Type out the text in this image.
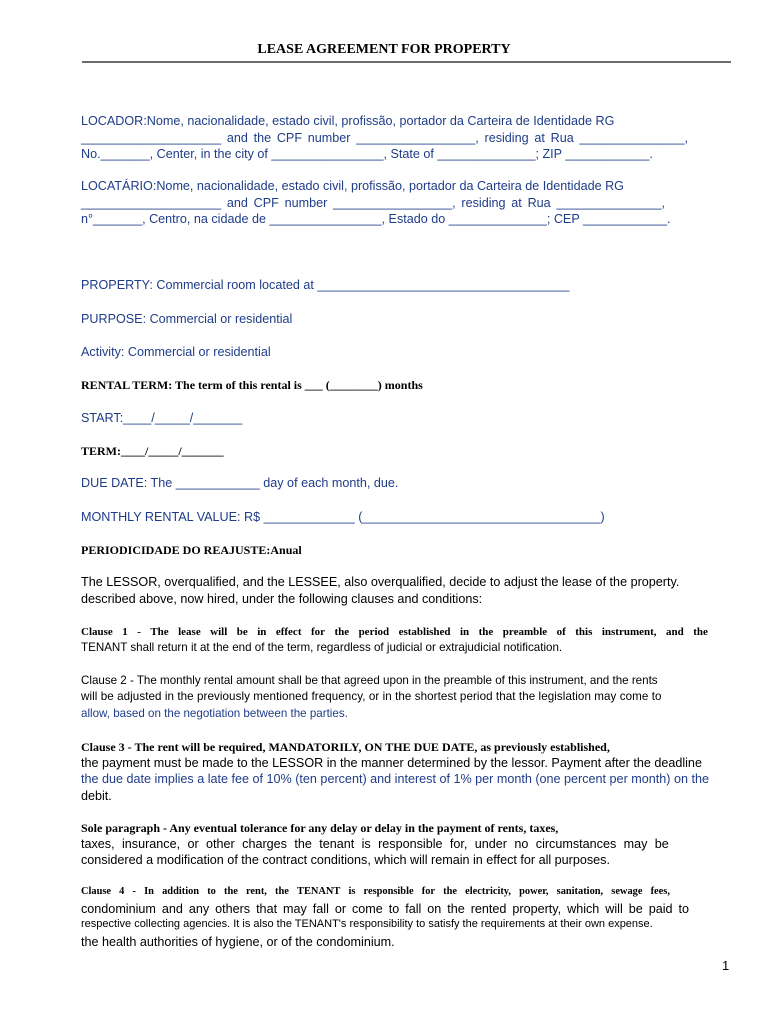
LEASE AGREEMENT FOR PROPERTY
LOCADOR:Nome, nacionalidade, estado civil, profissão, portador da Carteira de Identidade RG
____________________ and the CPF number _________________, residing at Rua _______________,
No._______, Center, in the city of ________________, State of ______________; ZIP ____________.
LOCATÁRIO:Nome, nacionalidade, estado civil, profissão, portador da Carteira de Identidade RG
____________________ and CPF number _________________, residing at Rua _______________,
n°_______, Centro, na cidade de ________________, Estado do ______________; CEP ____________.
PROPERTY: Commercial room located at ____________________________________
PURPOSE: Commercial or residential
Activity: Commercial or residential
RENTAL TERM: The term of this rental is ___ (________) months
START:____/_____/_______
TERM:____/_____/_______
DUE DATE: The ____________ day of each month, due.
MONTHLY RENTAL VALUE: R$ _____________ (__________________________________)
PERIODICIDADE DO REAJUSTE:Anual
The LESSOR, overqualified, and the LESSEE, also overqualified, decide to adjust the lease of the property.
described above, now hired, under the following clauses and conditions:
Clause 1 - The lease will be in effect for the period established in the preamble of this instrument, and the
TENANT shall return it at the end of the term, regardless of judicial or extrajudicial notification.
Clause 2 - The monthly rental amount shall be that agreed upon in the preamble of this instrument, and the rents
will be adjusted in the previously mentioned frequency, or in the shortest period that the legislation may come to
allow, based on the negotiation between the parties.
Clause 3 - The rent will be required, MANDATORILY, ON THE DUE DATE, as previously established,
the payment must be made to the LESSOR in the manner determined by the lessor. Payment after the deadline
the due date implies a late fee of 10% (ten percent) and interest of 1% per month (one percent per month) on the
debit.
Sole paragraph - Any eventual tolerance for any delay or delay in the payment of rents, taxes,
taxes, insurance, or other charges the tenant is responsible for, under no circumstances may be
considered a modification of the contract conditions, which will remain in effect for all purposes.
Clause 4 - In addition to the rent, the TENANT is responsible for the electricity, power, sanitation, sewage fees,
condominium and any others that may fall or come to fall on the rented property, which will be paid to
respective collecting agencies. It is also the TENANT's responsibility to satisfy the requirements at their own expense.
the health authorities of hygiene, or of the condominium.
1
